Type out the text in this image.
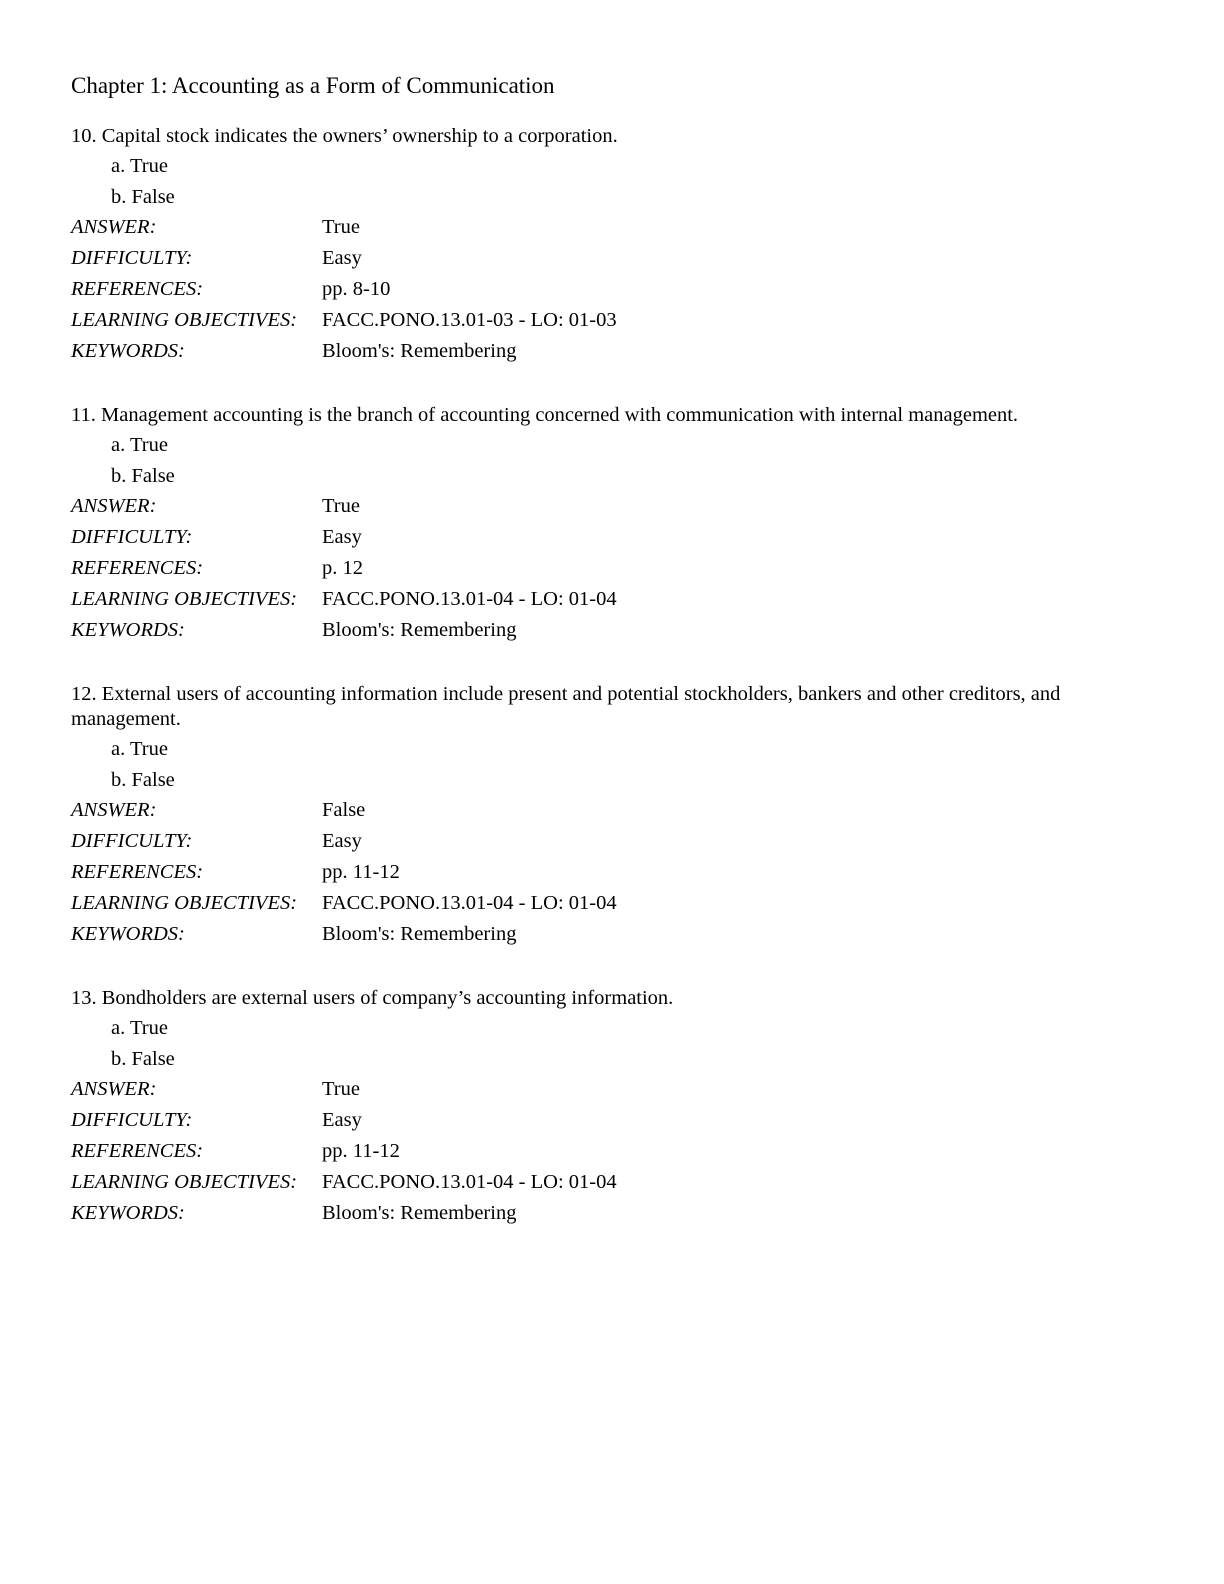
Chapter 1: Accounting as a Form of Communication

10. Capital stock indicates the owners’ ownership to a corporation.

a. True
b. False
ANSWER:	True
DIFFICULTY:	Easy
REFERENCES:	pp. 8-10
LEARNING OBJECTIVES:	FACC.PONO.13.01-03 - LO: 01-03
KEYWORDS:	Bloom's: Remembering

11. Management accounting is the branch of accounting concerned with communication with internal management.

a. True
b. False
ANSWER:	True
DIFFICULTY:	Easy
REFERENCES:	p. 12
LEARNING OBJECTIVES:	FACC.PONO.13.01-04 - LO: 01-04
KEYWORDS:	Bloom's: Remembering

12. External users of accounting information include present and potential stockholders, bankers and other creditors, and management.

a. True
b. False
ANSWER:	False
DIFFICULTY:	Easy
REFERENCES:	pp. 11-12
LEARNING OBJECTIVES:	FACC.PONO.13.01-04 - LO: 01-04
KEYWORDS:	Bloom's: Remembering

13. Bondholders are external users of company’s accounting information.

a. True
b. False
ANSWER:	True
DIFFICULTY:	Easy
REFERENCES:	pp. 11-12
LEARNING OBJECTIVES:	FACC.PONO.13.01-04 - LO: 01-04
KEYWORDS:	Bloom's: Remembering
